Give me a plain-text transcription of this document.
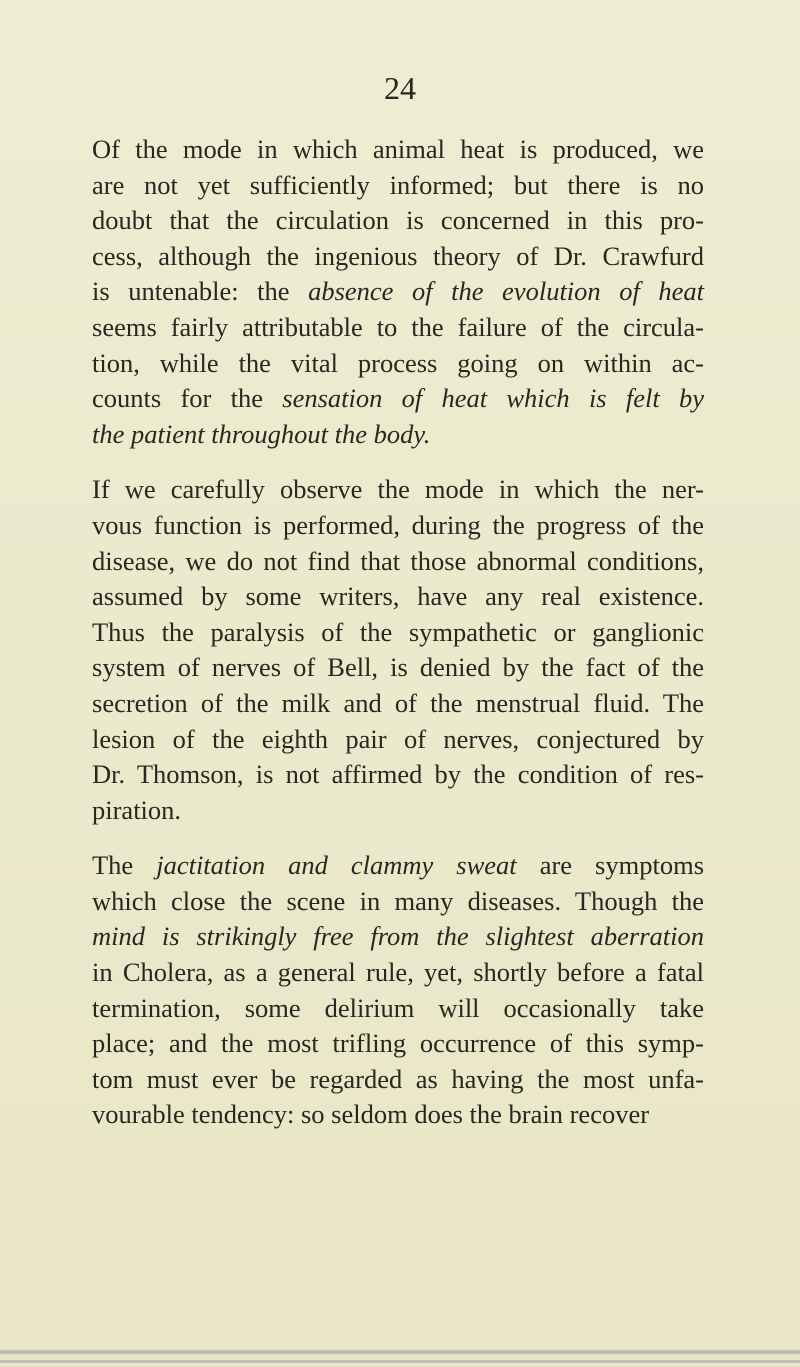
24
Of the mode in which animal heat is produced, we
are not yet sufficiently informed; but there is no
doubt that the circulation is concerned in this pro-
cess, although the ingenious theory of Dr. Crawfurd
is untenable: the absence of the evolution of heat
seems fairly attributable to the failure of the circula-
tion, while the vital process going on within ac-
counts for the sensation of heat which is felt by
the patient throughout the body.
If we carefully observe the mode in which the ner-
vous function is performed, during the progress of the
disease, we do not find that those abnormal conditions,
assumed by some writers, have any real existence.
Thus the paralysis of the sympathetic or ganglionic
system of nerves of Bell, is denied by the fact of the
secretion of the milk and of the menstrual fluid. The
lesion of the eighth pair of nerves, conjectured by
Dr. Thomson, is not affirmed by the condition of res-
piration.
The jactitation and clammy sweat are symptoms
which close the scene in many diseases. Though the
mind is strikingly free from the slightest aberration
in Cholera, as a general rule, yet, shortly before a fatal
termination, some delirium will occasionally take
place; and the most trifling occurrence of this symp-
tom must ever be regarded as having the most unfa-
vourable tendency: so seldom does the brain recover
